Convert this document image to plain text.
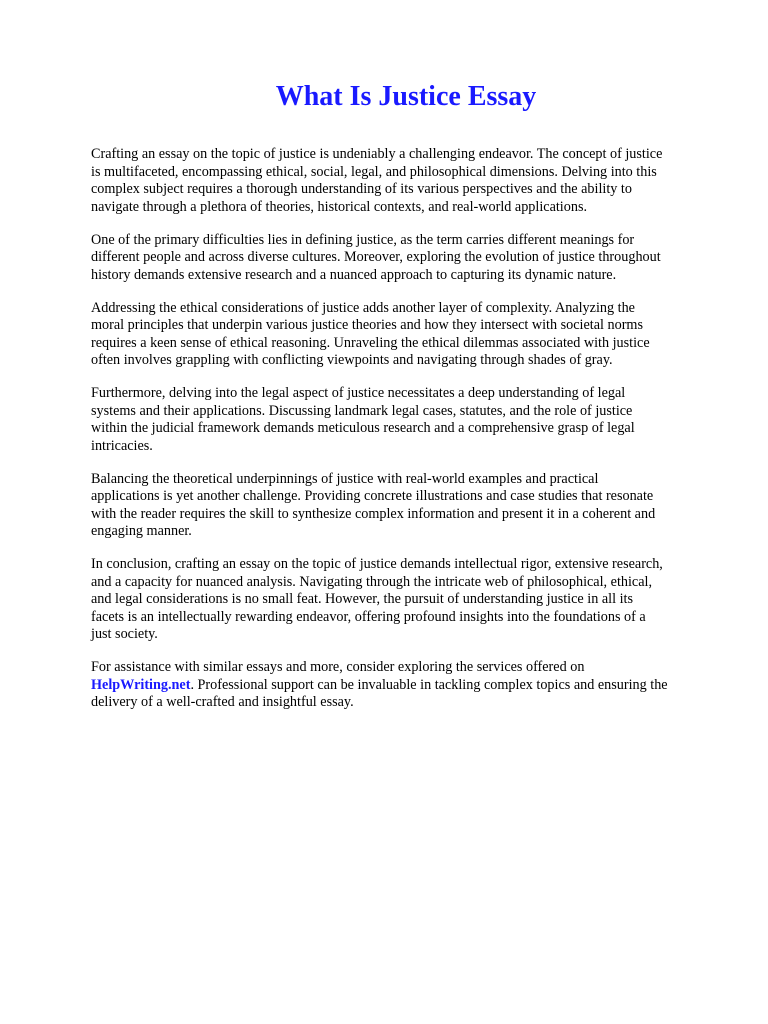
What Is Justice Essay

Crafting an essay on the topic of justice is undeniably a challenging endeavor. The concept of justice
is multifaceted, encompassing ethical, social, legal, and philosophical dimensions. Delving into this
complex subject requires a thorough understanding of its various perspectives and the ability to
navigate through a plethora of theories, historical contexts, and real-world applications.

One of the primary difficulties lies in defining justice, as the term carries different meanings for
different people and across diverse cultures. Moreover, exploring the evolution of justice throughout
history demands extensive research and a nuanced approach to capturing its dynamic nature.

Addressing the ethical considerations of justice adds another layer of complexity. Analyzing the
moral principles that underpin various justice theories and how they intersect with societal norms
requires a keen sense of ethical reasoning. Unraveling the ethical dilemmas associated with justice
often involves grappling with conflicting viewpoints and navigating through shades of gray.

Furthermore, delving into the legal aspect of justice necessitates a deep understanding of legal
systems and their applications. Discussing landmark legal cases, statutes, and the role of justice
within the judicial framework demands meticulous research and a comprehensive grasp of legal
intricacies.

Balancing the theoretical underpinnings of justice with real-world examples and practical
applications is yet another challenge. Providing concrete illustrations and case studies that resonate
with the reader requires the skill to synthesize complex information and present it in a coherent and
engaging manner.

In conclusion, crafting an essay on the topic of justice demands intellectual rigor, extensive research,
and a capacity for nuanced analysis. Navigating through the intricate web of philosophical, ethical,
and legal considerations is no small feat. However, the pursuit of understanding justice in all its
facets is an intellectually rewarding endeavor, offering profound insights into the foundations of a
just society.

For assistance with similar essays and more, consider exploring the services offered on
HelpWriting.net. Professional support can be invaluable in tackling complex topics and ensuring the
delivery of a well-crafted and insightful essay.
